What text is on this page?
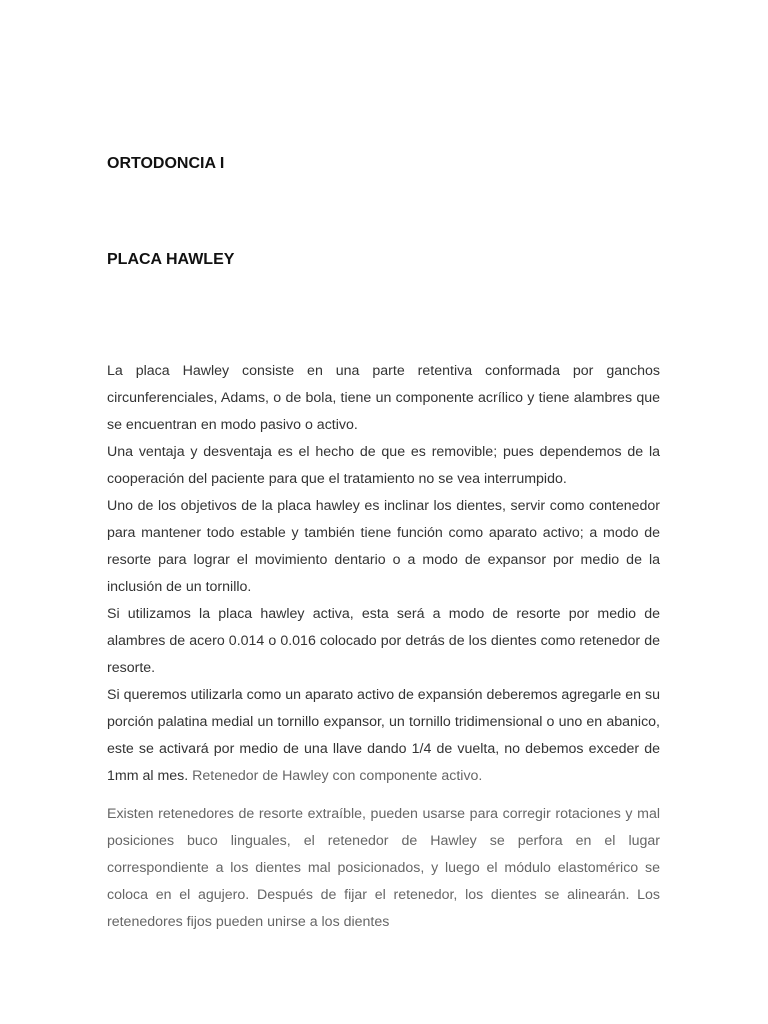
ORTODONCIA I
PLACA HAWLEY

La placa Hawley consiste en una parte retentiva conformada por ganchos circunferenciales, Adams, o de bola, tiene un componente acrílico y tiene alambres que se encuentran en modo pasivo o activo.

Una ventaja y desventaja es el hecho de que es removible; pues dependemos de la cooperación del paciente para que el tratamiento no se vea interrumpido.

Uno de los objetivos de la placa hawley es inclinar los dientes, servir como contenedor para mantener todo estable y también tiene función como aparato activo; a modo de resorte para lograr el movimiento dentario o a modo de expansor por medio de la inclusión de un tornillo.

Si utilizamos la placa hawley activa, esta será a modo de resorte por medio de alambres de acero 0.014 o 0.016 colocado por detrás de los dientes como retenedor de resorte.

Si queremos utilizarla como un aparato activo de expansión deberemos agregarle en su porción palatina medial un tornillo expansor, un tornillo tridimensional o uno en abanico, este se activará por medio de una llave dando 1/4 de vuelta, no debemos exceder de 1mm al mes. Retenedor de Hawley con componente activo.

Existen retenedores de resorte extraíble, pueden usarse para corregir rotaciones y mal posiciones buco linguales, el retenedor de Hawley se perfora en el lugar correspondiente a los dientes mal posicionados, y luego el módulo elastomérico se coloca en el agujero. Después de fijar el retenedor, los dientes se alinearán. Los retenedores fijos pueden unirse a los dientes
